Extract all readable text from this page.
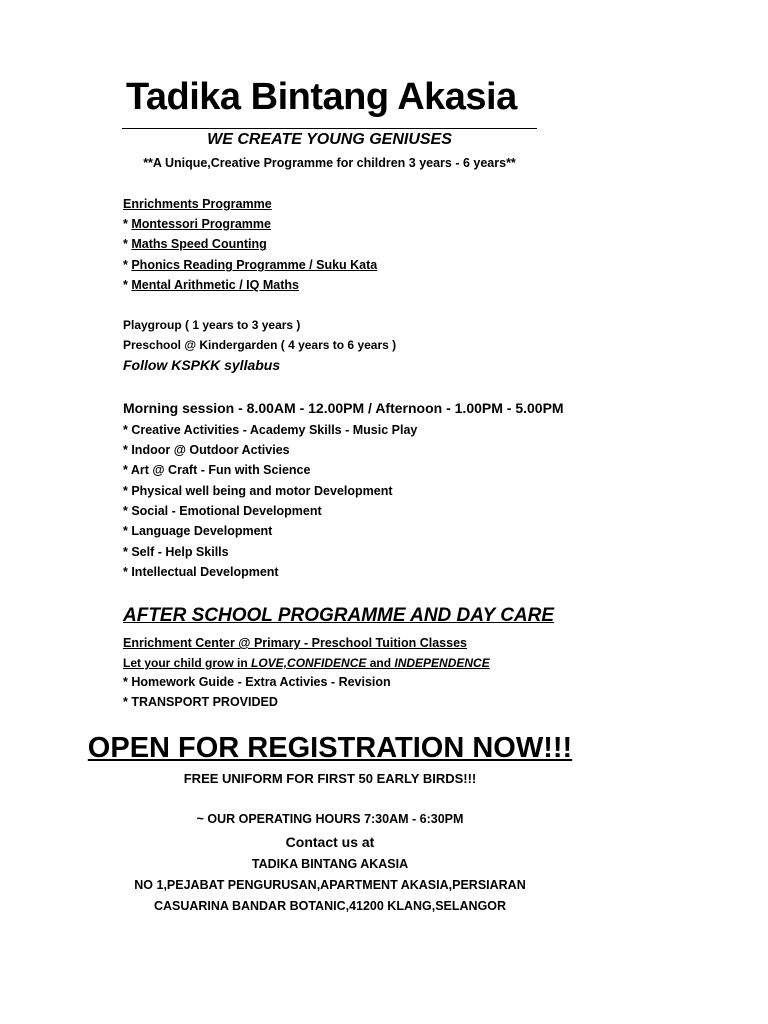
Tadika Bintang Akasia
WE CREATE YOUNG GENIUSES
**A Unique,Creative Programme for children 3 years - 6 years**
Enrichments Programme
* Montessori Programme
* Maths Speed Counting
* Phonics Reading Programme / Suku Kata
* Mental Arithmetic / IQ Maths
Playgroup ( 1 years to 3 years )
Preschool @ Kindergarden ( 4 years to 6 years )
Follow KSPKK syllabus
Morning session - 8.00AM - 12.00PM / Afternoon - 1.00PM - 5.00PM
* Creative Activities - Academy Skills - Music Play
* Indoor @ Outdoor Activies
* Art @ Craft - Fun with Science
* Physical well being and motor Development
* Social - Emotional Development
* Language Development
* Self - Help Skills
* Intellectual Development
AFTER SCHOOL PROGRAMME AND DAY CARE
Enrichment Center @ Primary - Preschool Tuition Classes
Let your child grow in LOVE,CONFIDENCE and INDEPENDENCE
* Homework Guide - Extra Activies - Revision
* TRANSPORT PROVIDED
OPEN FOR REGISTRATION NOW!!!
FREE UNIFORM FOR FIRST 50 EARLY BIRDS!!!
~ OUR OPERATING HOURS 7:30AM - 6:30PM
Contact us at
TADIKA BINTANG AKASIA
NO 1,PEJABAT PENGURUSAN,APARTMENT AKASIA,PERSIARAN
CASUARINA BANDAR BOTANIC,41200 KLANG,SELANGOR
